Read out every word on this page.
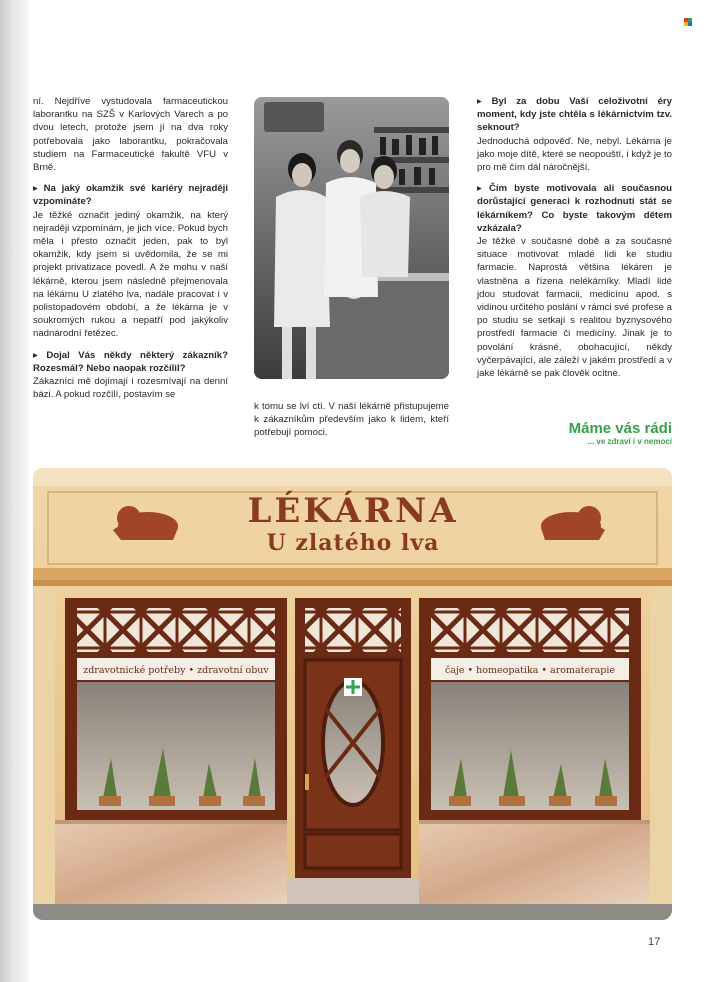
ní. Nejdříve vystudovala farmaceutickou laborantku na SZŠ v Karlových Varech a po dvou letech, protože jsem jí na dva roky potřebovala jako laborantku, pokračovala studiem na Farmaceutické fakultě VFU v Brně.

▸ Na jaký okamžik své kariéry nejraději vzpomínáte?

Je těžké označit jediný okamžik, na který nejraději vzpomínám, je jich více. Pokud bych měla i přesto označit jeden, pak to byl okamžik, kdy jsem si uvědomila, že se mi projekt privatizace povedl. A že mohu v naší lékárně, kterou jsem následně přejmenovala na lékárnu U zlatého lva, nadále pracovat i v polistopadovém období, a že lékárna je v soukromých rukou a nepatří pod jakýkoliv nadnárodní řetězec.

▸ Dojal Vás někdy některý zákazník? Rozesmál? Nebo naopak rozčílil?

Zákazníci mě dojímají i rozesmívají na denní bázi. A pokud rozčílí, postavím se

k tomu se lví ctí. V naší lékárně přistupujeme k zákazníkům především jako k lidem, kteří potřebují pomoci.

▸ Byl za dobu Vaší celoživotní éry moment, kdy jste chtěla s lékárnictvím tzv. seknout?

Jednoduchá odpověď. Ne, nebyl. Lékárna je jako moje dítě, které se neopouští, i když je to pro mě čím dál náročnější.

▸ Čím byste motivovala ali současnou dorůstající generaci k rozhodnutí stát se lékárníkem? Co byste takovým dětem vzkázala?

Je těžké v současné době a za současné situace motivovat mladé lidi ke studiu farmacie. Naprostá většina lékáren je vlastněna a řízena nelékárníky. Mladí lidé jdou studovat farmacii, medicínu apod. s vidinou určitého poslání v rámci své profese a po studiu se setkají s realitou byznysového prostředí farmacie či medicíny. Jinak je to povolání krásné, obohacující, někdy vyčerpávající, ale záleží v jakém prostředí a v jaké lékárně se pak člověk ocitne.

Máme vás rádi
... ve zdraví i v nemoci
LÉKÁRNA
U zlatého lva
zdravotnické potřeby • zdravotní obuv	čaje • homeopatika • aromaterapie
17
